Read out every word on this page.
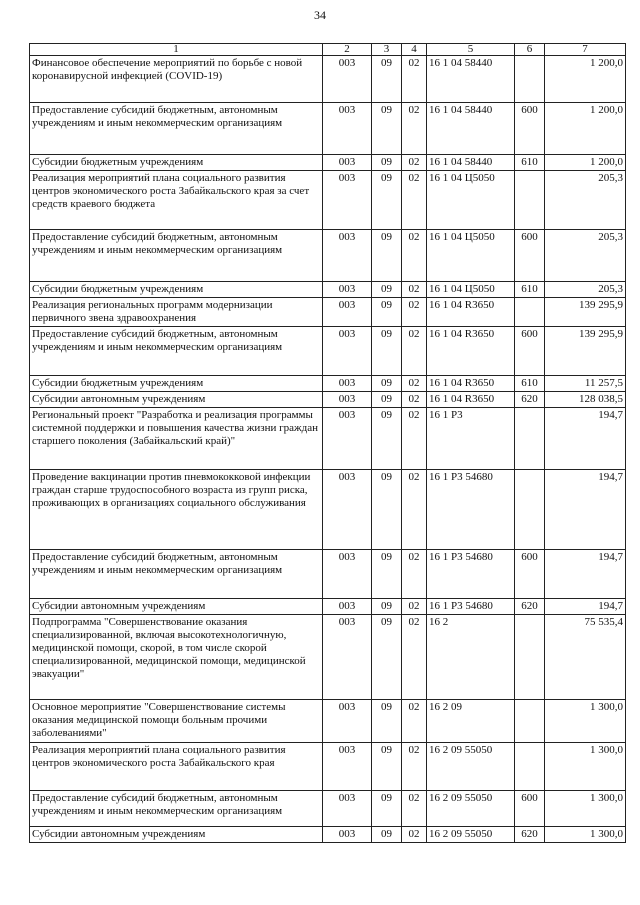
34
1	2	3	4	5	6	7
Финансовое обеспечение мероприятий по борьбе с новой коронавирусной инфекцией (COVID-19)	003	09	02	16 1 04 58440		1 200,0
Предоставление субсидий бюджетным, автономным учреждениям и иным некоммерческим организациям	003	09	02	16 1 04 58440	600	1 200,0
Субсидии бюджетным учреждениям	003	09	02	16 1 04 58440	610	1 200,0
Реализация мероприятий плана социального развития центров экономического роста Забайкальского края за счет средств краевого бюджета	003	09	02	16 1 04 Ц5050		205,3
Предоставление субсидий бюджетным, автономным учреждениям и иным некоммерческим организациям	003	09	02	16 1 04 Ц5050	600	205,3
Субсидии бюджетным учреждениям	003	09	02	16 1 04 Ц5050	610	205,3
Реализация региональных программ модернизации первичного звена здравоохранения	003	09	02	16 1 04 R3650		139 295,9
Предоставление субсидий бюджетным, автономным учреждениям и иным некоммерческим организациям	003	09	02	16 1 04 R3650	600	139 295,9
Субсидии бюджетным учреждениям	003	09	02	16 1 04 R3650	610	11 257,5
Субсидии автономным учреждениям	003	09	02	16 1 04 R3650	620	128 038,5
Региональный проект "Разработка и реализация программы системной поддержки и повышения качества жизни граждан старшего поколения (Забайкальский край)"	003	09	02	16 1 Р3		194,7
Проведение вакцинации против пневмококковой инфекции граждан старше трудоспособного возраста из групп риска, проживающих в организациях социального обслуживания	003	09	02	16 1 Р3 54680		194,7
Предоставление субсидий бюджетным, автономным учреждениям и иным некоммерческим организациям	003	09	02	16 1 Р3 54680	600	194,7
Субсидии автономным учреждениям	003	09	02	16 1 Р3 54680	620	194,7
Подпрограмма "Совершенствование оказания специализированной, включая высокотехнологичную, медицинской помощи, скорой, в том числе скорой специализированной, медицинской помощи, медицинской эвакуации"	003	09	02	16 2		75 535,4
Основное мероприятие "Совершенствование системы оказания медицинской помощи больным прочими заболеваниями"	003	09	02	16 2 09		1 300,0
Реализация мероприятий плана социального развития центров экономического роста Забайкальского края	003	09	02	16 2 09 55050		1 300,0
Предоставление субсидий бюджетным, автономным учреждениям и иным некоммерческим организациям	003	09	02	16 2 09 55050	600	1 300,0
Субсидии автономным учреждениям	003	09	02	16 2 09 55050	620	1 300,0
